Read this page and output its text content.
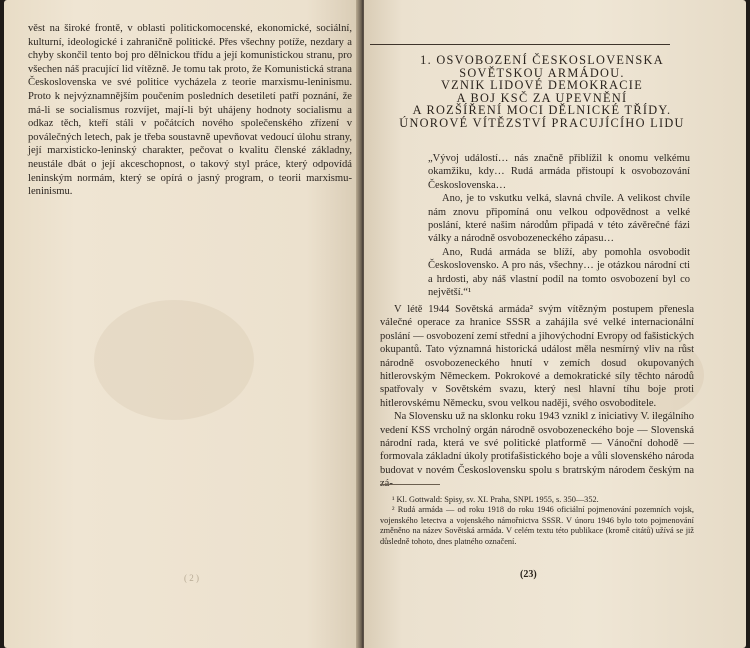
věst na široké frontě, v oblasti politickomocenské, ekonomické, sociální, kulturní, ideologické i zahraničně politické. Přes všechny potíže, nezdary a chyby skončil tento boj pro dělnickou třídu a její komunistickou stranu, pro všechen náš pracující lid vítězně. Je tomu tak proto, že Komunistická strana Československa ve své politice vycházela z teorie marxismu-leninismu. Proto k nejvýznamnějším poučením posledních desetiletí patří poznání, že má-li se socialismus rozvíjet, mají-li být uhájeny hodnoty socialismu a odkaz těch, kteří stáli v počátcích nového společenského zřízení v poválečných letech, pak je třeba soustavně upevňovat vedoucí úlohu strany, její marxisticko-leninský charakter, pečovat o kvalitu členské základny, neustále dbát o její akceschopnost, o takový styl práce, který odpovídá leninským normám, který se opírá o jasný program, o teorii marxismu-leninismu.

( 2 )
1. OSVOBOZENÍ ČESKOSLOVENSKA
SOVĚTSKOU ARMÁDOU.
VZNIK LIDOVÉ DEMOKRACIE
A BOJ KSČ ZA UPEVNĚNÍ
A ROZŠÍŘENÍ MOCI DĚLNICKÉ TŘÍDY.
ÚNOROVÉ VÍTĚZSTVÍ PRACUJÍCÍHO LIDU

„Vývoj událostí… nás značně přiblížil k onomu velkému okamžiku, kdy… Rudá armáda přistoupí k osvobozování Československa…

Ano, je to vskutku velká, slavná chvíle. A velikost chvíle nám znovu připomíná onu velkou odpovědnost a velké poslání, které našim národům připadá v této závěrečné fázi války a národně osvobozeneckého zápasu…

Ano, Rudá armáda se blíží, aby pomohla osvobodit Československo. A pro nás, všechny… je otázkou národní cti a hrdosti, aby náš vlastní podíl na tomto osvobození byl co největší.“¹

V létě 1944 Sovětská armáda² svým vítězným postupem přenesla válečné operace za hranice SSSR a zahájila své velké internacionální poslání — osvobození zemí střední a jihovýchodní Evropy od fašistických okupantů. Tato významná historická událost měla nesmírný vliv na růst národně osvobozeneckého hnutí v zemích dosud okupovaných hitlerovským Německem. Pokrokové a demokratické síly těchto národů spatřovaly v Sovětském svazu, který nesl hlavní tíhu boje proti hitlerovskému Německu, svou velkou naději, svého osvoboditele.

Na Slovensku už na sklonku roku 1943 vznikl z iniciativy V. ilegálního vedení KSS vrcholný orgán národně osvobozeneckého boje — Slovenská národní rada, která ve své politické platformě — Vánoční dohodě — formovala základní úkoly protifašistického boje a vůli slovenského národa budovat v novém Československu spolu s bratrským národem českým na zá-

¹ Kl. Gottwald: Spisy, sv. XI. Praha, SNPL 1955, s. 350—352.

² Rudá armáda — od roku 1918 do roku 1946 oficiální pojmenování pozemních vojsk, vojenského letectva a vojenského námořnictva SSSR. V únoru 1946 bylo toto pojmenování změněno na název Sovětská armáda. V celém textu této publikace (kromě citátů) užívá se již důsledně tohoto, dnes platného označení.

(23)
